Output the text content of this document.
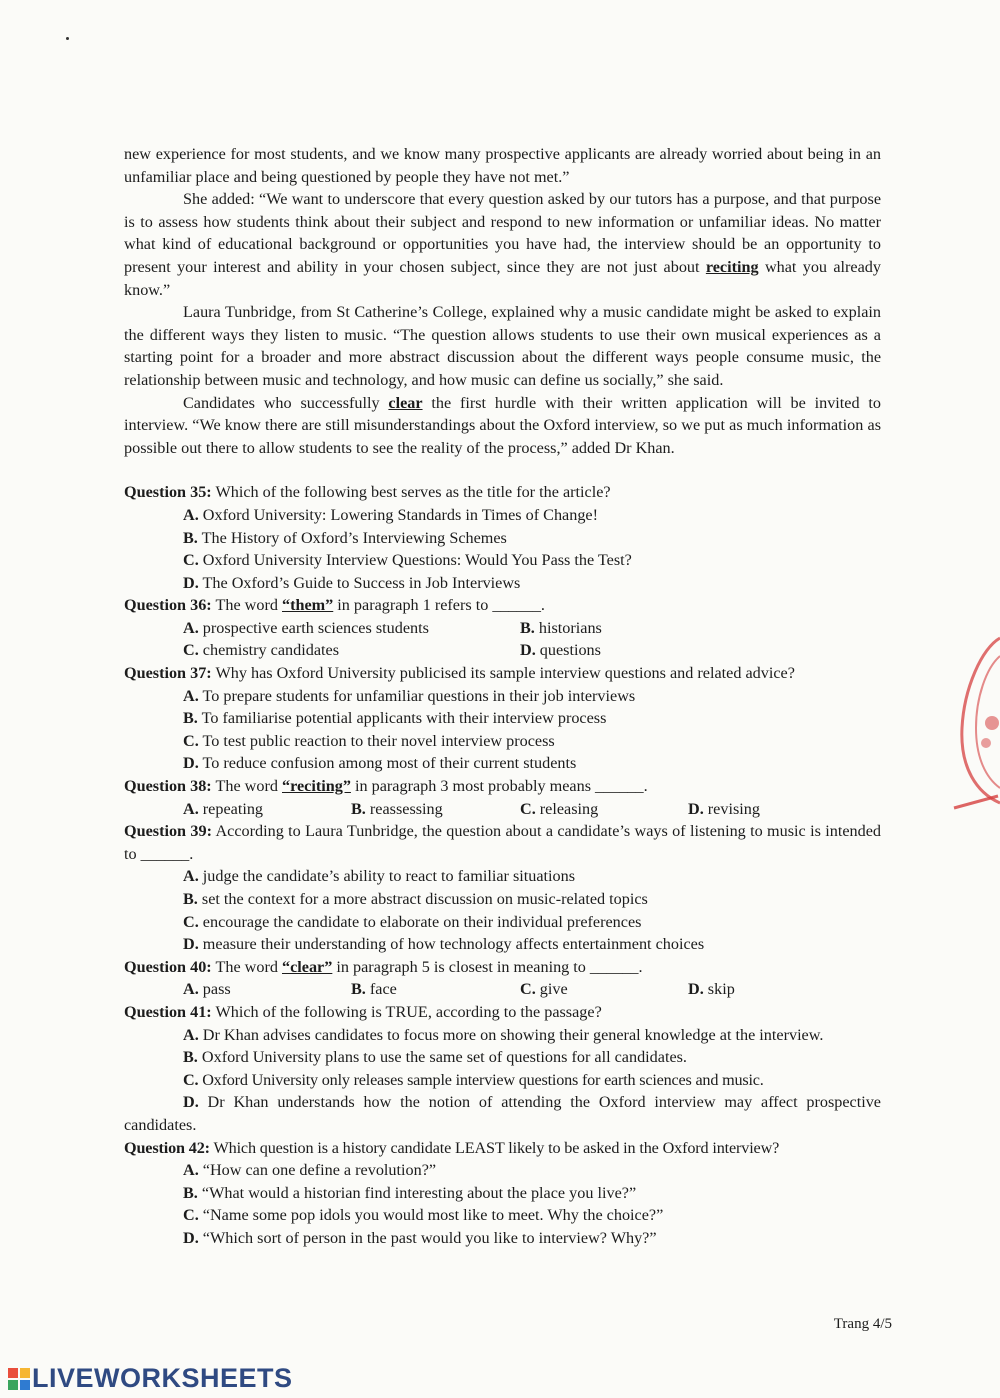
new experience for most students, and we know many prospective applicants are already worried about being in an unfamiliar place and being questioned by people they have not met.”

She added: “We want to underscore that every question asked by our tutors has a purpose, and that purpose is to assess how students think about their subject and respond to new information or unfamiliar ideas. No matter what kind of educational background or opportunities you have had, the interview should be an opportunity to present your interest and ability in your chosen subject, since they are not just about reciting what you already know.”

Laura Tunbridge, from St Catherine’s College, explained why a music candidate might be asked to explain the different ways they listen to music. “The question allows students to use their own musical experiences as a starting point for a broader and more abstract discussion about the different ways people consume music, the relationship between music and technology, and how music can define us socially,” she said.

Candidates who successfully clear the first hurdle with their written application will be invited to interview. “We know there are still misunderstandings about the Oxford interview, so we put as much information as possible out there to allow students to see the reality of the process,” added Dr Khan.

Question 35: Which of the following best serves as the title for the article?

A. Oxford University: Lowering Standards in Times of Change!

B. The History of Oxford’s Interviewing Schemes

C. Oxford University Interview Questions: Would You Pass the Test?

D. The Oxford’s Guide to Success in Job Interviews

Question 36: The word “them” in paragraph 1 refers to ______.

A. prospective earth sciences students	B. historians
C. chemistry candidates	D. questions

Question 37: Why has Oxford University publicised its sample interview questions and related advice?

A. To prepare students for unfamiliar questions in their job interviews

B. To familiarise potential applicants with their interview process

C. To test public reaction to their novel interview process

D. To reduce confusion among most of their current students

Question 38: The word “reciting” in paragraph 3 most probably means ______.

A. repeating	B. reassessing	C. releasing	D. revising

Question 39: According to Laura Tunbridge, the question about a candidate’s ways of listening to music is intended to ______.

A. judge the candidate’s ability to react to familiar situations

B. set the context for a more abstract discussion on music-related topics

C. encourage the candidate to elaborate on their individual preferences

D. measure their understanding of how technology affects entertainment choices

Question 40: The word “clear” in paragraph 5 is closest in meaning to ______.

A. pass	B. face	C. give	D. skip

Question 41: Which of the following is TRUE, according to the passage?

A. Dr Khan advises candidates to focus more on showing their general knowledge at the interview.

B. Oxford University plans to use the same set of questions for all candidates.

C. Oxford University only releases sample interview questions for earth sciences and music.

D. Dr Khan understands how the notion of attending the Oxford interview may affect prospective candidates.

Question 42: Which question is a history candidate LEAST likely to be asked in the Oxford interview?

A. “How can one define a revolution?”

B. “What would a historian find interesting about the place you live?”

C. “Name some pop idols you would most like to meet. Why the choice?”

D. “Which sort of person in the past would you like to interview? Why?”

Trang 4/5
LIVEWORKSHEETS
